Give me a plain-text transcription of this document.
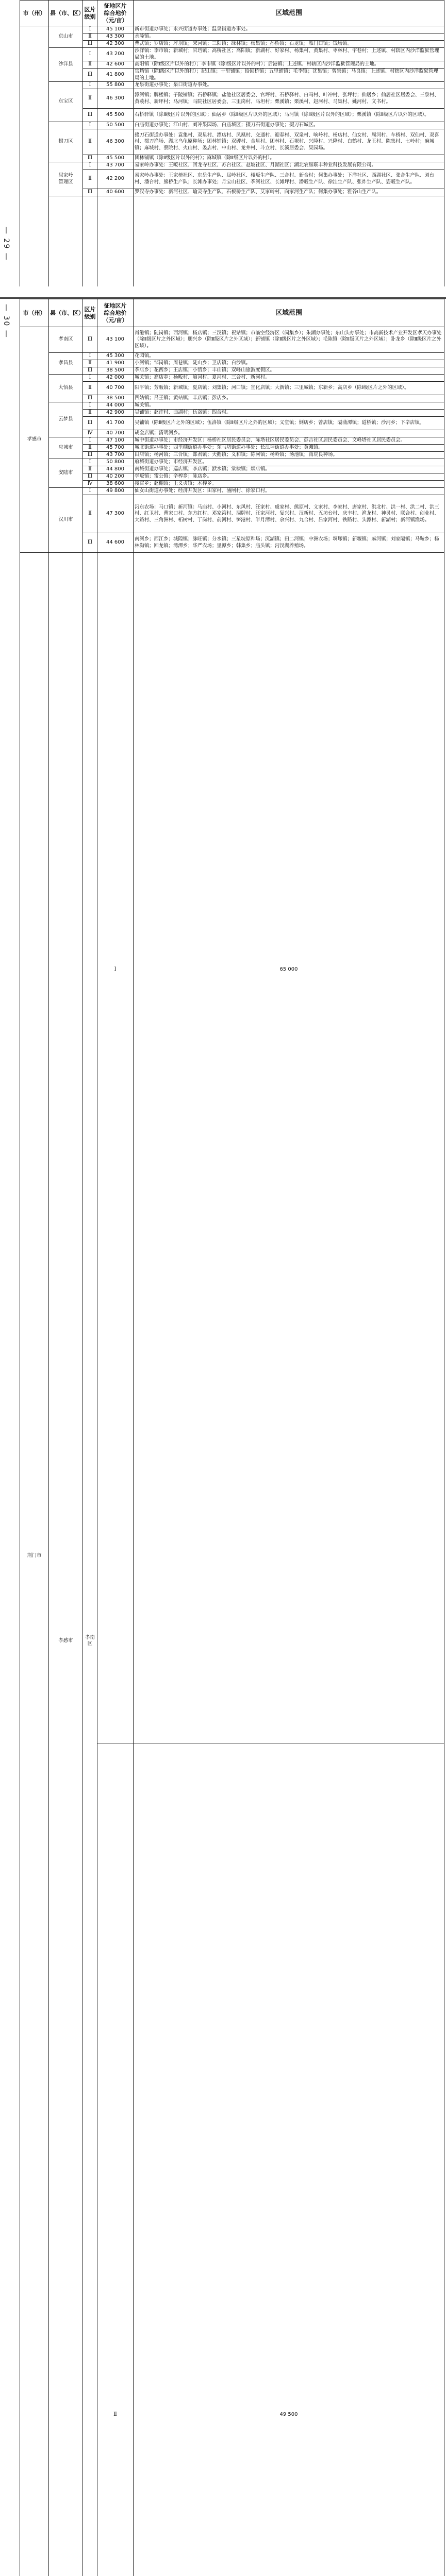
— 29 —
市（州）	县（市、区）	区片
级别	征地区片
综合地价
（元/亩）	区域范围	
荆门市	京山市	Ⅰ	45 100	新市街道办事处；永兴街道办事处；温泉街道办事处。	
		Ⅱ	43 300	永隆镇。	
		Ⅲ	42 300	曹武镇；罗店镇；坪坝镇；宋河镇；三阳镇；绿林镇；杨集镇；孙桥镇；石龙镇；雁门口镇；钱场镇。	
	沙洋县	Ⅰ	43 200	沙洋镇：李市镇；新城村；官垱镇；高桥社区；高阳镇；新湖村、好家村、杨集村、黄集村、枣林村、宇巷村；上述镇、村辖区内沙洋监狱管理局的土地。	
		Ⅱ	42 600	高阳镇（除Ⅰ级区片以外的村）；李市镇（除Ⅰ级区片以外的村）；后港镇；上述镇、村辖区内沙洋监狱管理局的土地。	
		Ⅲ	41 800	官垱镇（除Ⅰ级区片以外的村）；纪山镇；十里铺镇；拾回桥镇；五里铺镇；毛李镇；沈集镇；曾集镇；马良镇；上述镇、村辖区内沙洋监狱管理局的土地。	
	东宝区	Ⅰ	55 800	龙泉街道办事处；泉口街道办事处。	
		Ⅱ	46 300	漳河镇；牌楼镇；子陵铺镇；石桥驿镇；盐池社区居委会、官坪村、石桥驿村、白马村、叶冲村、张坪村；仙居乡；仙居社区居委会、三泉村、黄蓑村、新坪村；马河镇；马院社区居委会、三里岗村、马坦村；栗溪镇；栗溪村、赵河村、马集村、姚河村、文书村。	
		Ⅲ	45 500	石桥驿镇（除Ⅱ级区片以外的区域）；仙居乡（除Ⅱ级区片以外的区域）；马河镇（除Ⅱ级区片以外的区域）；栗溪镇（除Ⅱ级区片以外的区域）。	
	掇刀区	Ⅰ	50 500	白庙街道办事处；江山村、刘冲果园场、白庙城区；掇刀石街道办事处；掇刀石城区。	
		Ⅱ	46 300	掇刀石街道办事处：袁集村、双星村、潭店村、凤凰村、交通村、迎春村、双泉村、响岭村、杨店村、仙女村、周河村、车桥村、双仙村、双喜村、掇刀渔场、湖北乌龟原种场；团林铺镇；双碑村、合星村、团林村、石堰村、兴隆村、兴隆村、白鹤村、龙王村、陈集村、七岭村；麻城镇；麻城村、蔡院村、火山村、娄店村、中山村、龙井村、斗立村、长溪居委会、果园场。	
		Ⅲ	45 500	团林铺镇（除Ⅱ级区片以外的村）；麻城镇（除Ⅱ级区片以外的村）。	
	屈家岭
管理区	Ⅰ	43 700	易家岭办事处：王畈社区、回龙寺社区、苏台社区、赵坡社区、月湖社区；湖北农垦联丰种业科技发展有限公司。	
		Ⅱ	42 200	易家岭办事处：王家榜社区、东岳生产队、届岭社区、楼畈生产队、三合村、新合村；何集办事处；下洋社区、西湖社区、张合生产队、刘台村、潘台村、熊桥生产队；长滩办事处；月宝山社区、季河社区、长滩坪村、潘畈生产队、徐洼生产队、张炸生产队、姿畈生产队。	
		Ⅲ	40 600	罗汉寺办事处：新河社区、瑜灵寺生产队、石板桥生产队、艾家岭村、向家河生产队；何集办事处；雅谷山生产队。	
	孝感市	孝南区	Ⅰ	65 000	
			Ⅱ	49 500	
— 30 — 市（州）	县（市、区）	区片
级别	征地区片
综合地价
（元/亩）	区域范围
孝感市	孝南区	Ⅲ	43 100	肖港镇；陡岗镇；西河镇；杨店镇；三汊镇；祝站镇；市临空经济区（闵集乡）；朱湖办事处；东山头办事处；市高新技术产业开发区孝天办事处（除Ⅱ级区片之外区域）；朋兴乡（除Ⅱ级区片之外区域）；新铺镇（除Ⅱ级区片之外区域）；毛陈镇（除Ⅱ级区片之外区域）；卧龙乡（除Ⅱ级区片之外区域）。
	孝昌县	Ⅰ	45 300	花园镇。
		Ⅱ	41 900	小河镇；邹岗镇；周巷镇；陡山乡；卫店镇；白沙镇。
		Ⅲ	38 500	季店乡；花西乡；王店镇；小悟乡；丰山镇；双峰山旅游度假区。
	大悟县	Ⅰ	42 000	城关镇；高店乡；杨畈村、喻河村、夏河村、三合村、新河村。
		Ⅱ	40 700	阳平镇；芳畈镇；新城镇；夏店镇；刘集镇；河口镇；宣化店镇；大新镇；三里城镇；东新乡；高店乡（除Ⅰ级区片之外的区域）。
		Ⅲ	38 500	四姑镇；吕王镇；黄站镇；丰店镇；彭店乡。
	云梦县	Ⅰ	44 000	城关镇。
		Ⅱ	42 900	吴铺镇：赵许村、曲湖村；伍洛镇：四合村。
		Ⅲ	41 700	吴铺镇（除Ⅱ级区片之外的区域）；伍洛镇（除Ⅱ级区片之外的区域）；义堂镇；倒店乡；曾店镇；隔蒲潭镇；道桥镇；沙河乡；下辛店镇。
		Ⅳ	40 700	胡金店镇；清明河乡。
	应城市	Ⅰ	47 100	城中街道办事处；市经济开发区：杨桥社区居民委员会、陈塔社区居民委员会、彭吉社区居民委员会、文峰塔社区居民委员会。
		Ⅱ	45 700	城北街道办事处；四里棚街道办事处；东马坊街道办事处；长江埠街道办事处；黄滩镇。
		Ⅲ	43 700	田店镇；杨河镇；三合镇；郎君镇；天鹅镇；义和镇；陈河镇；杨岭镇；汤池镇；南垸良种场。
	安陆市	Ⅰ	50 800	府城街道办事处；市经济开发区。
		Ⅱ	44 800	南城街道办事处；巡店镇；李店镇；洑水镇；棠棣镇；烟店镇。
		Ⅲ	40 200	孛畈镇；雷公镇；辛榨乡；陈店乡。
		Ⅳ	38 600	接官乡；赵棚镇；王义贞镇；木梓乡。
	汉川市	Ⅰ	49 800	仙女山街道办事处；经济开发区：田家村、涵闸村、徐家口村。
		Ⅱ	47 300	汈东农场：马口镇；新河镇：马庙村、小河村、东风村、汪家村、虞家村、熊原村、文家村、李家村、唐家村、洪北村、洪一村、洪二村、洪三村、红卫村、曹家口村、东方红村、邓家湾村、涸牌村、汪家河村、复兴村、汉新村、五坊台村、庆丰村、渔龙村、神灵村、联合村、创业村、大路村、三角洲村、柘树村、丁岗村、前河村、笋港村、半月潭村、余兴村、九合村、吕家河村、铁路村、头潭村、新湖村；新河镇渔场。
		Ⅲ	44 600	南河乡；西江乡；城隍镇；脉旺镇；分水镇；三星垸原种场；沉湖镇；田二河镇；中洲农场；垌塚镇；新堰镇；麻河镇；刘家隔镇；马鞍乡；杨林沟镇；回龙镇；湾潭乡；华严农场；里潭乡；韩集乡；庙头镇；汈汊湖养殖场。
